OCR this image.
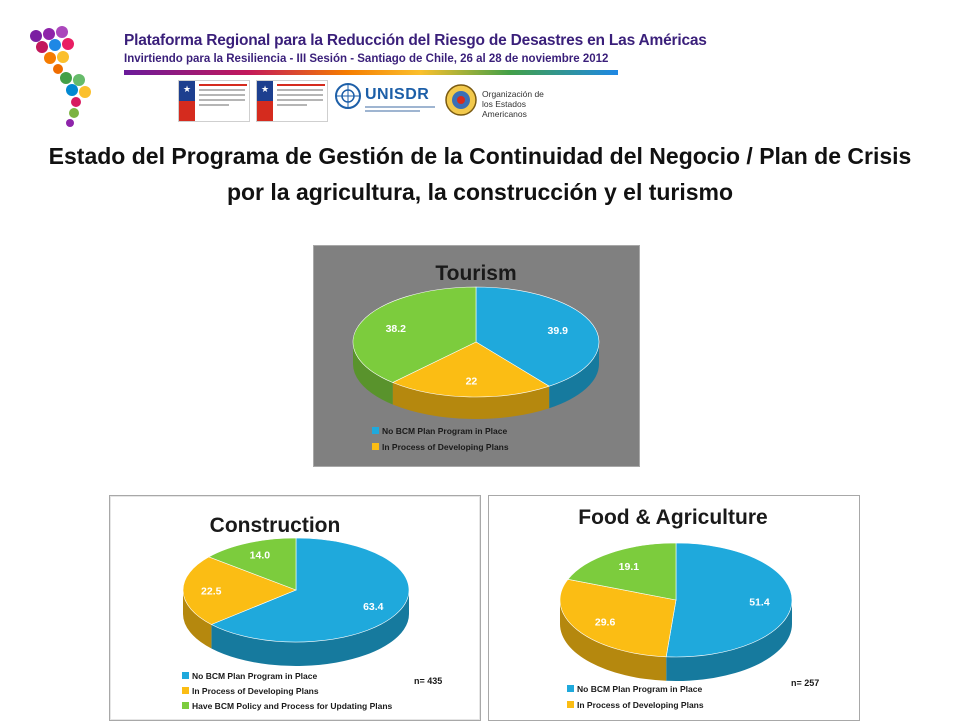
Plataforma Regional para la Reducción del Riesgo de Desastres en Las Américas
Invirtiendo para la Resiliencia - III Sesión - Santiago de Chile, 26 al 28 de noviembre 2012
★	★	UNISDR	Organización de los Estados Americanos
Estado del Programa de Gestión de la Continuidad del Negocio / Plan de Crisis por la agricultura, la construcción y el turismo
39.9
22
38.2
Tourism
No BCM Plan Program in Place
In Process of Developing Plans
63.4
22.5
14.0
Construction
No BCM Plan Program in Place
In Process of Developing Plans
Have BCM Policy and Process for Updating Plans
n= 435
51.4
29.6
19.1
Food & Agriculture
No BCM Plan Program in Place
In Process of Developing Plans
n= 257
